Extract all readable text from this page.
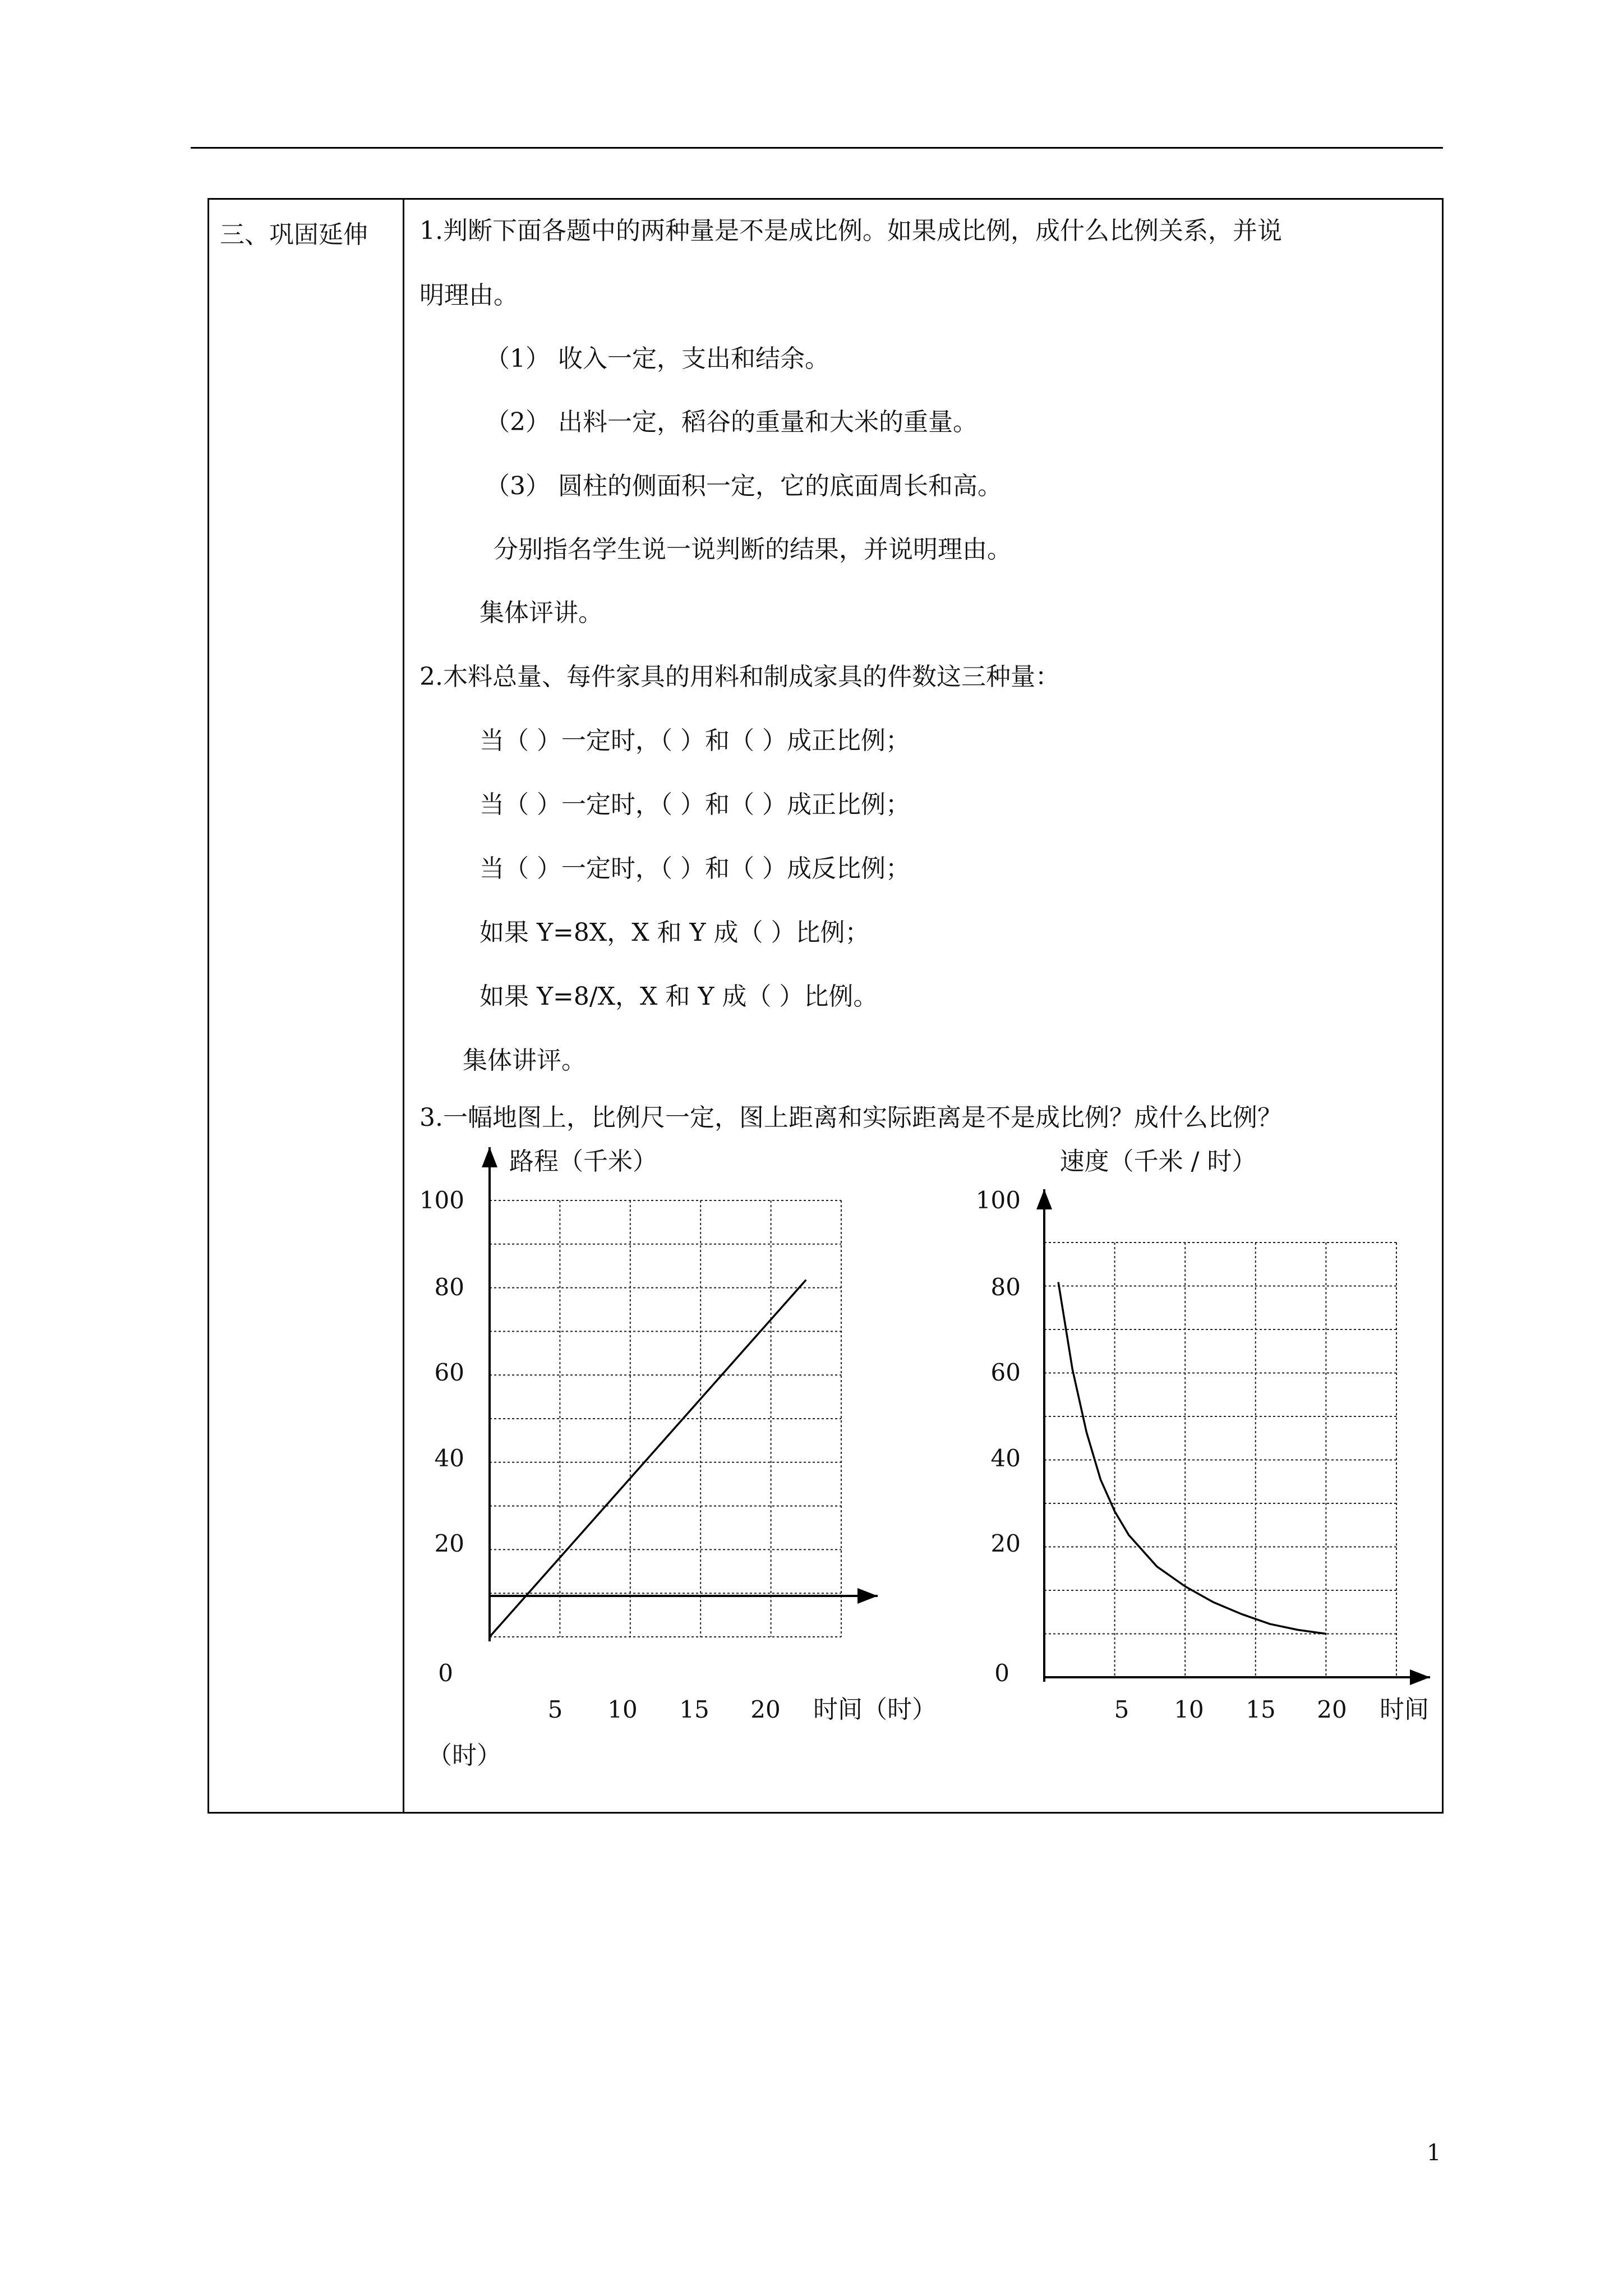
三、巩固延伸 1.判断下面各题中的两种量是不是成比例。如果成比例，成什么比例关系，并说
明理由。
（1） 收入一定，支出和结余。
（2） 出料一定，稻谷的重量和大米的重量。
（3） 圆柱的侧面积一定，它的底面周长和高。
分别指名学生说一说判断的结果，并说明理由。
集体评讲。
2.木料总量、每件家具的用料和制成家具的件数这三种量：
当（ ）一定时，（ ）和（ ）成正比例；
当（ ）一定时，（ ）和（ ）成正比例；
当（ ）一定时，（ ）和（ ）成反比例；
如果 Y=8X，X 和 Y 成（ ）比例；
如果 Y=8/X，X 和 Y 成（ ）比例。
集体讲评。
3.一幅地图上，比例尺一定，图上距离和实际距离是不是成比例？成什么比例？
路程（千米）
时间（时）
5 10 15 20
20
40
60
80
100
0
速度（千米 / 时）
时间
5 10 15 20
20
40
60
80
100
0
（时）
1
